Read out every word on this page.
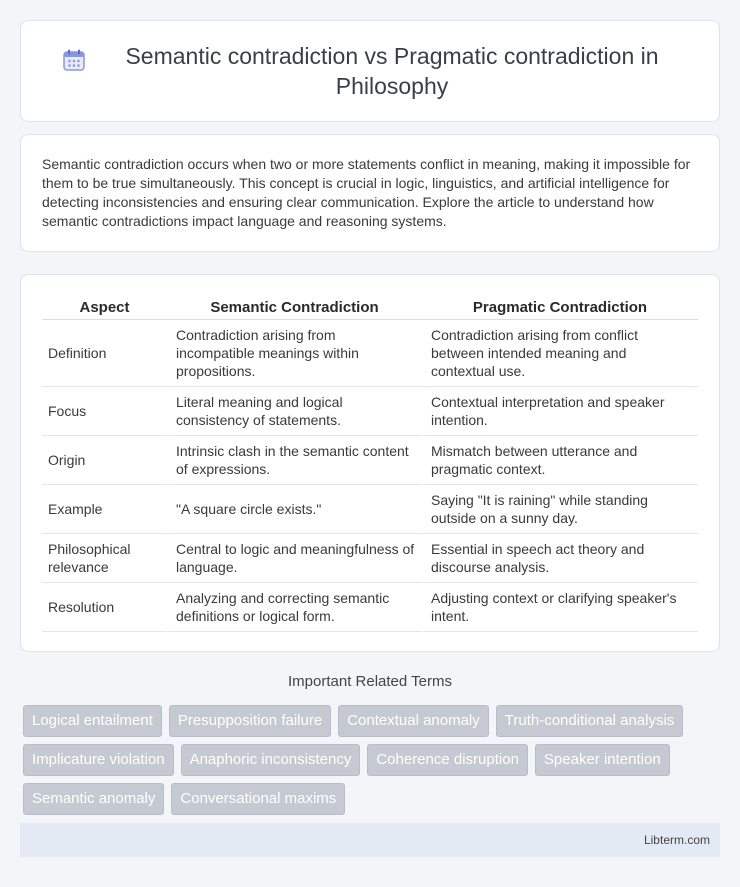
Semantic contradiction vs Pragmatic contradiction in Philosophy

Semantic contradiction occurs when two or more statements conflict in meaning, making it impossible for them to be true simultaneously. This concept is crucial in logic, linguistics, and artificial intelligence for detecting inconsistencies and ensuring clear communication. Explore the article to understand how semantic contradictions impact language and reasoning systems.

Aspect	Semantic Contradiction	Pragmatic Contradiction
Definition	Contradiction arising from incompatible meanings within propositions.	Contradiction arising from conflict between intended meaning and contextual use.
Focus	Literal meaning and logical consistency of statements.	Contextual interpretation and speaker intention.
Origin	Intrinsic clash in the semantic content of expressions.	Mismatch between utterance and pragmatic context.
Example	"A square circle exists."	Saying "It is raining" while standing outside on a sunny day.
Philosophical relevance	Central to logic and meaningfulness of language.	Essential in speech act theory and discourse analysis.
Resolution	Analyzing and correcting semantic definitions or logical form.	Adjusting context or clarifying speaker's intent.
Important Related Terms
Logical entailment	Presupposition failure	Contextual anomaly	Truth-conditional analysis
Implicature violation	Anaphoric inconsistency	Coherence disruption	Speaker intention
Semantic anomaly	Conversational maxims
Libterm.com
